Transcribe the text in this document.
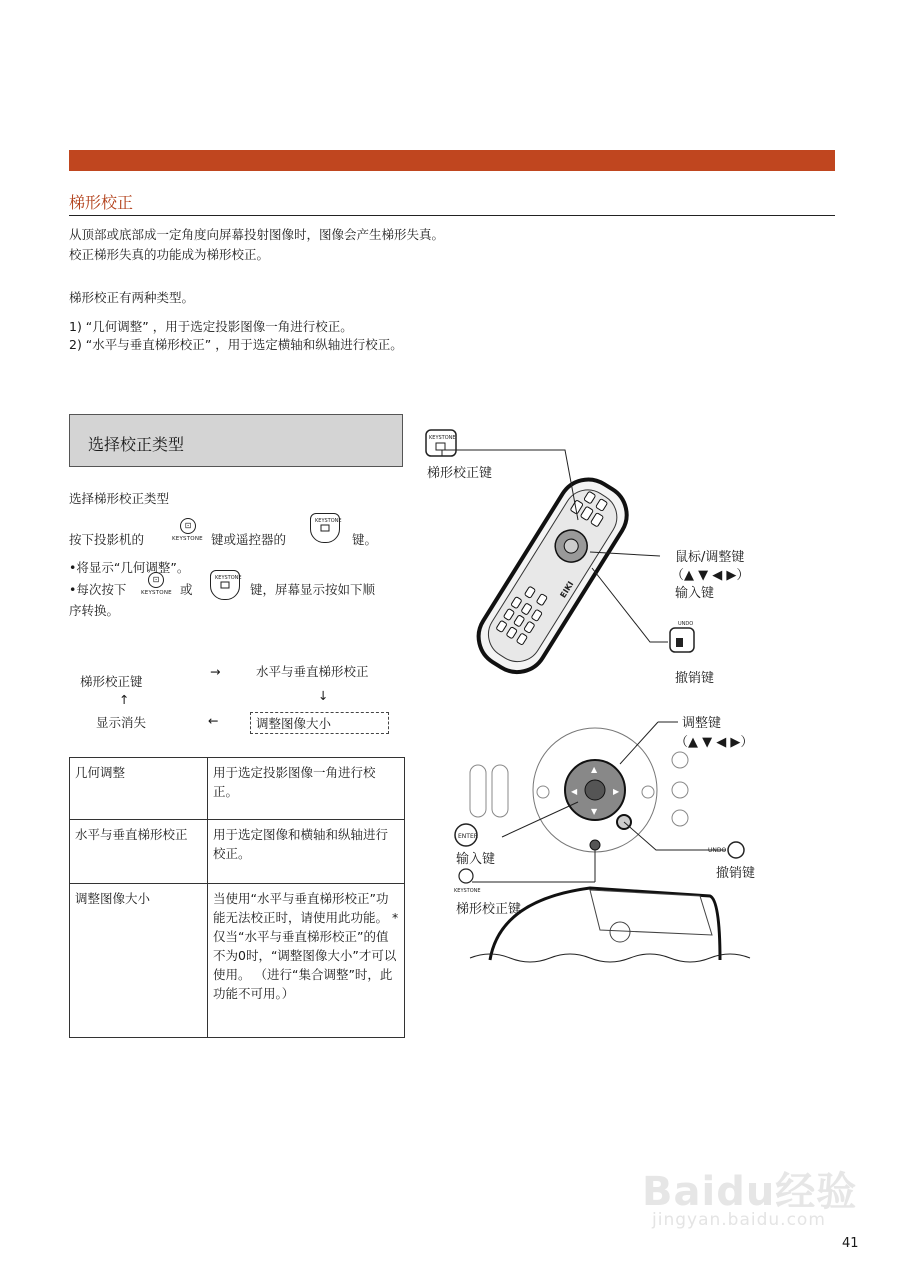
梯形校正
从顶部或底部成一定角度向屏幕投射图像时，图像会产生梯形失真。
校正梯形失真的功能成为梯形校正。
梯形校正有两种类型。
1) “几何调整” ，用于选定投影图像一角进行校正。
2) “水平与垂直梯形校正” ，用于选定横轴和纵轴进行校正。
选择校正类型
选择梯形校正类型
按下投影机的
⊡
KEYSTONE 键或遥控器的
KEYSTONE
键。
•将显示“几何调整”。
•每次按下
⊡
KEYSTONE 或
KEYSTONE
键，屏幕显示按如下顺
序转换。
梯形校正键
→	水平与垂直梯形校正
↑	↓
显示消失	←	调整图像大小
几何调整	用于选定投影图像一角进行校正。
水平与垂直梯形校正	用于选定图像和横轴和纵轴进行校正。
调整图像大小	当使用“水平与垂直梯形校正”功能无法校正时，请使用此功能。 *仅当“水平与垂直梯形校正”的值不为0时，“调整图像大小”才可以使用。 （进行“集合调整”时，此功能不可用。）
KEYSTONE
EIKI
UNDO
梯形校正键
鼠标/调整键
（▲ ▼ ◀ ▶）
输入键
撤销键
▲
▼
◀	▶
ENTER
KEYSTONE
UNDO
调整键
（▲ ▼ ◀ ▶）
输入键
撤销键
梯形校正键
Baidu经验
jingyan.baidu.com
41
